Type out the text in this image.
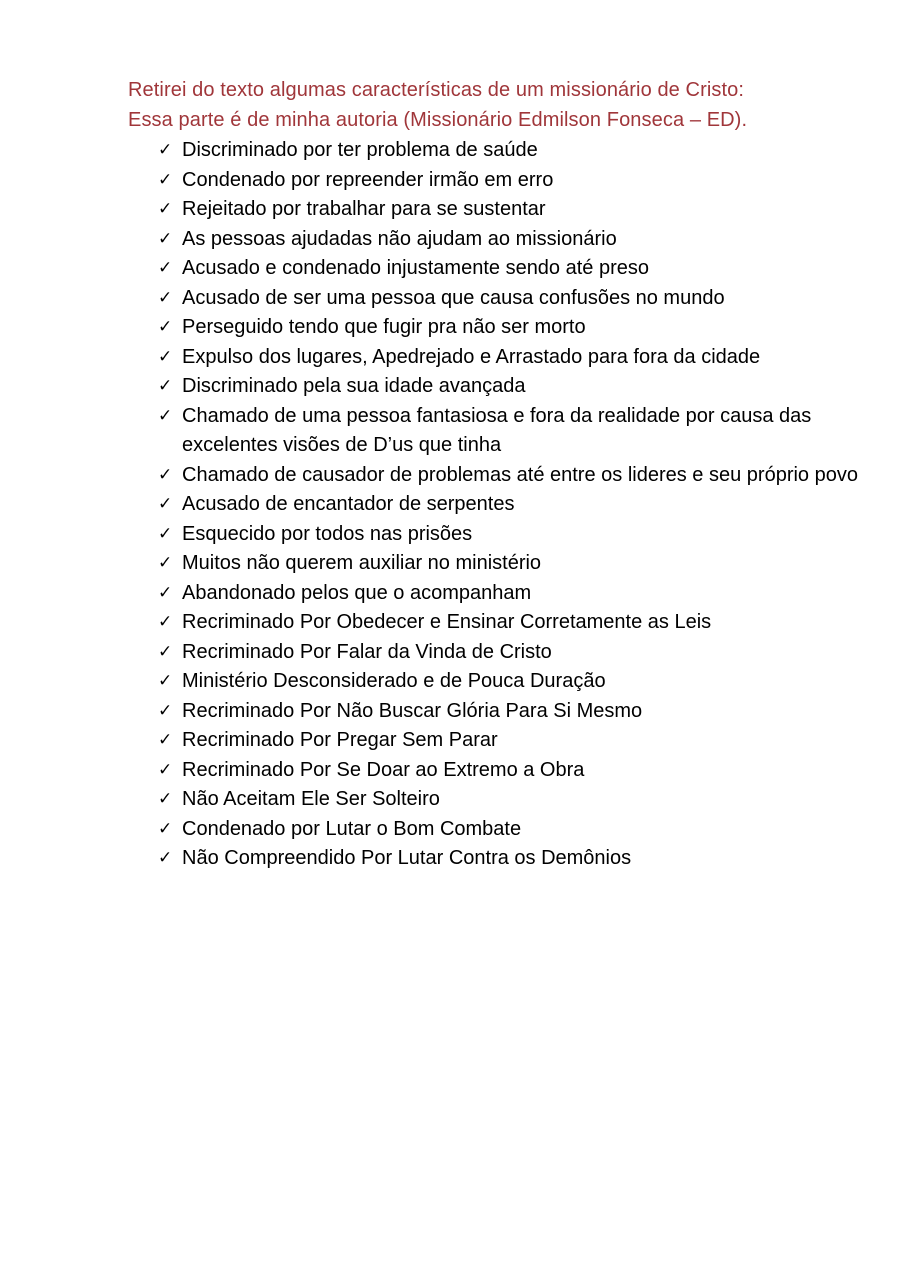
Retirei do texto algumas características de um missionário de Cristo:

Essa parte é de minha autoria (Missionário Edmilson Fonseca – ED).

✓ Discriminado por ter problema de saúde
✓ Condenado por repreender irmão em erro
✓ Rejeitado por trabalhar para se sustentar
✓ As pessoas ajudadas não ajudam ao missionário
✓ Acusado e condenado injustamente sendo até preso
✓ Acusado de ser uma pessoa que causa confusões no mundo
✓ Perseguido tendo que fugir pra não ser morto
✓ Expulso dos lugares, Apedrejado e Arrastado para fora da cidade
✓ Discriminado pela sua idade avançada
✓ Chamado de uma pessoa fantasiosa e fora da realidade por causa das excelentes visões de D’us que tinha
✓ Chamado de causador de problemas até entre os lideres e seu próprio povo
✓ Acusado de encantador de serpentes
✓ Esquecido por todos nas prisões
✓ Muitos não querem auxiliar no ministério
✓ Abandonado pelos que o acompanham
✓ Recriminado Por Obedecer e Ensinar Corretamente as Leis
✓ Recriminado Por Falar da Vinda de Cristo
✓ Ministério Desconsiderado e de Pouca Duração
✓ Recriminado Por Não Buscar Glória Para Si Mesmo
✓ Recriminado Por Pregar Sem Parar
✓ Recriminado Por Se Doar ao Extremo a Obra
✓ Não Aceitam Ele Ser Solteiro
✓ Condenado por Lutar o Bom Combate
✓ Não Compreendido Por Lutar Contra os Demônios
